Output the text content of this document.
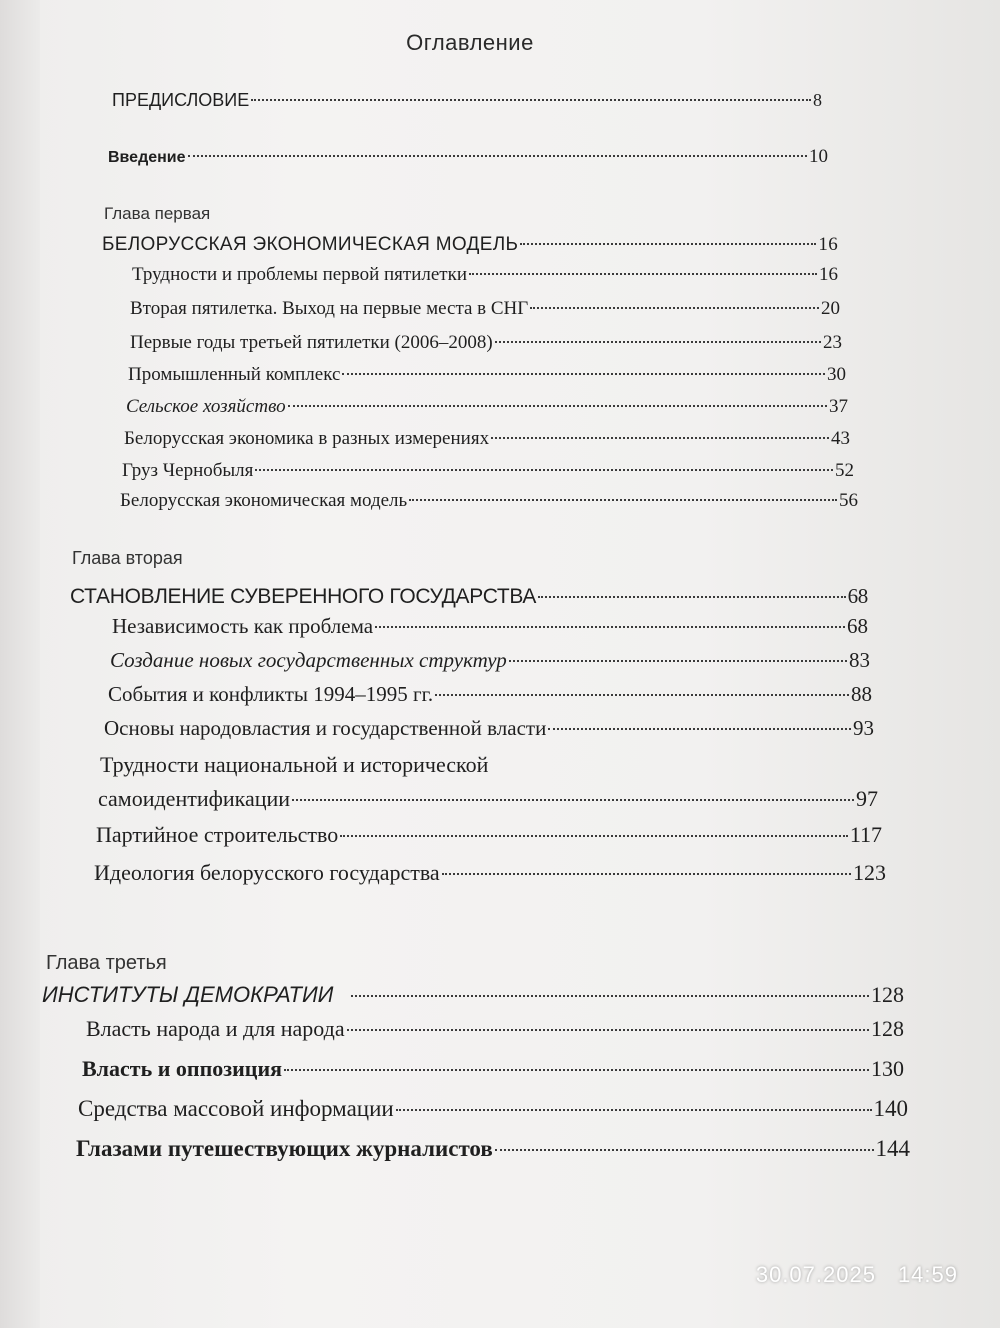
Оглавление
ПРЕДИСЛОВИЕ	8
Введение	10
Глава первая
БЕЛОРУССКАЯ ЭКОНОМИЧЕСКАЯ МОДЕЛЬ	16
Трудности и проблемы первой пятилетки	16
Вторая пятилетка. Выход на первые места в СНГ	20
Первые годы третьей пятилетки (2006–2008)	23
Промышленный комплекс	30
Сельское хозяйство	37
Белорусская экономика в разных измерениях	43
Груз Чернобыля	52
Белорусская экономическая модель	56
Глава вторая
СТАНОВЛЕНИЕ СУВЕРЕННОГО ГОСУДАРСТВА	68
Независимость как проблема	68
Создание новых государственных структур	83
События и конфликты 1994–1995 гг.	88
Основы народовластия и государственной власти	93
Трудности национальной и исторической
самоидентификации	97
Партийное строительство	117
Идеология белорусского государства	123
Глава третья
ИНСТИТУТЫ ДЕМОКРАТИИ	128
Власть народа и для народа	128
Власть и оппозиция	130
Средства массовой информации	140
Глазами путешествующих журналистов	144
30.07.2025 14:59
